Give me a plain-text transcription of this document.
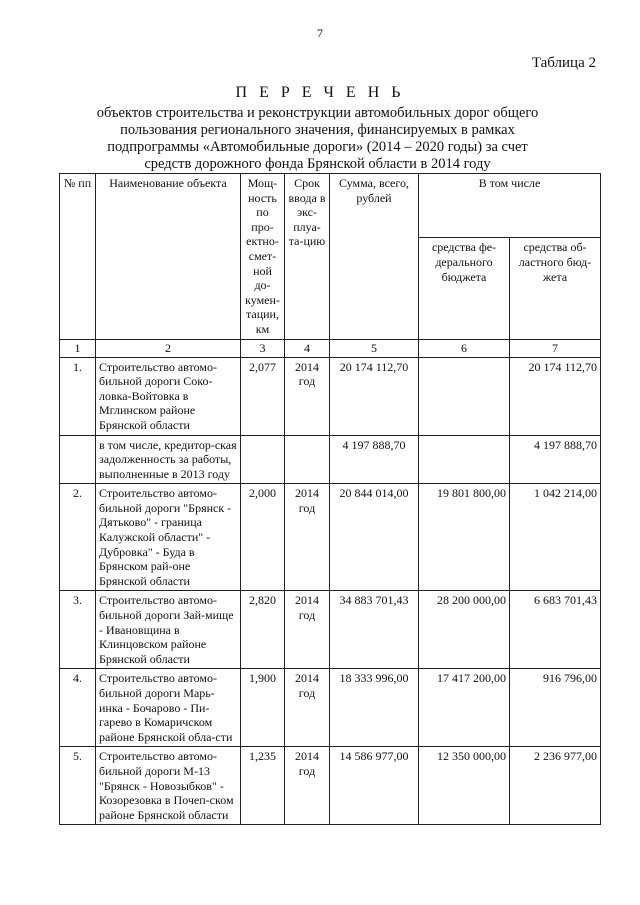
7
Таблица 2
П Е Р Е Ч Е Н Ь
объектов строительства и реконструкции автомобильных дорог общего пользования регионального значения, финансируемых в рамках подпрограммы «Автомобильные дороги» (2014 – 2020 годы) за счет средств дорожного фонда Брянской области в 2014 году
№ пп	Наименование объекта	Мощ-ность по про-ектно-смет-ной до-кумен-тации, км	Срок ввода в экс-плуа-та-цию	Сумма, всего, рублей	В том числе	
					средства фе-дерального бюджета	средства об-ластного бюд-жета
1	2	3	4	5	6	7
1.	Строительство автомо-бильной дороги Соко-ловка-Войтовка в Мглинском районе Брянской области	2,077	2014 год	20 174 112,70		20 174 112,70
	в том числе, кредитор-ская задолженность за работы, выполненные в 2013 году			4 197 888,70		4 197 888,70
2.	Строительство автомо-бильной дороги "Брянск - Дятьково" - граница Калужской области" - Дубровка" - Буда в Брянском рай-оне Брянской области	2,000	2014 год	20 844 014,00	19 801 800,00	1 042 214,00
3.	Строительство автомо-бильной дороги Зай-мище - Ивановщина в Клинцовском районе Брянской области	2,820	2014 год	34 883 701,43	28 200 000,00	6 683 701,43
4.	Строительство автомо-бильной дороги Марь-инка - Бочарово - Пи-гарево в Комаричском районе Брянской обла-сти	1,900	2014 год	18 333 996,00	17 417 200,00	916 796,00
5.	Строительство автомо-бильной дороги М-13 "Брянск - Новозыбков" - Козорезовка в Почеп-ском районе Брянской области	1,235	2014 год	14 586 977,00	12 350 000,00	2 236 977,00
